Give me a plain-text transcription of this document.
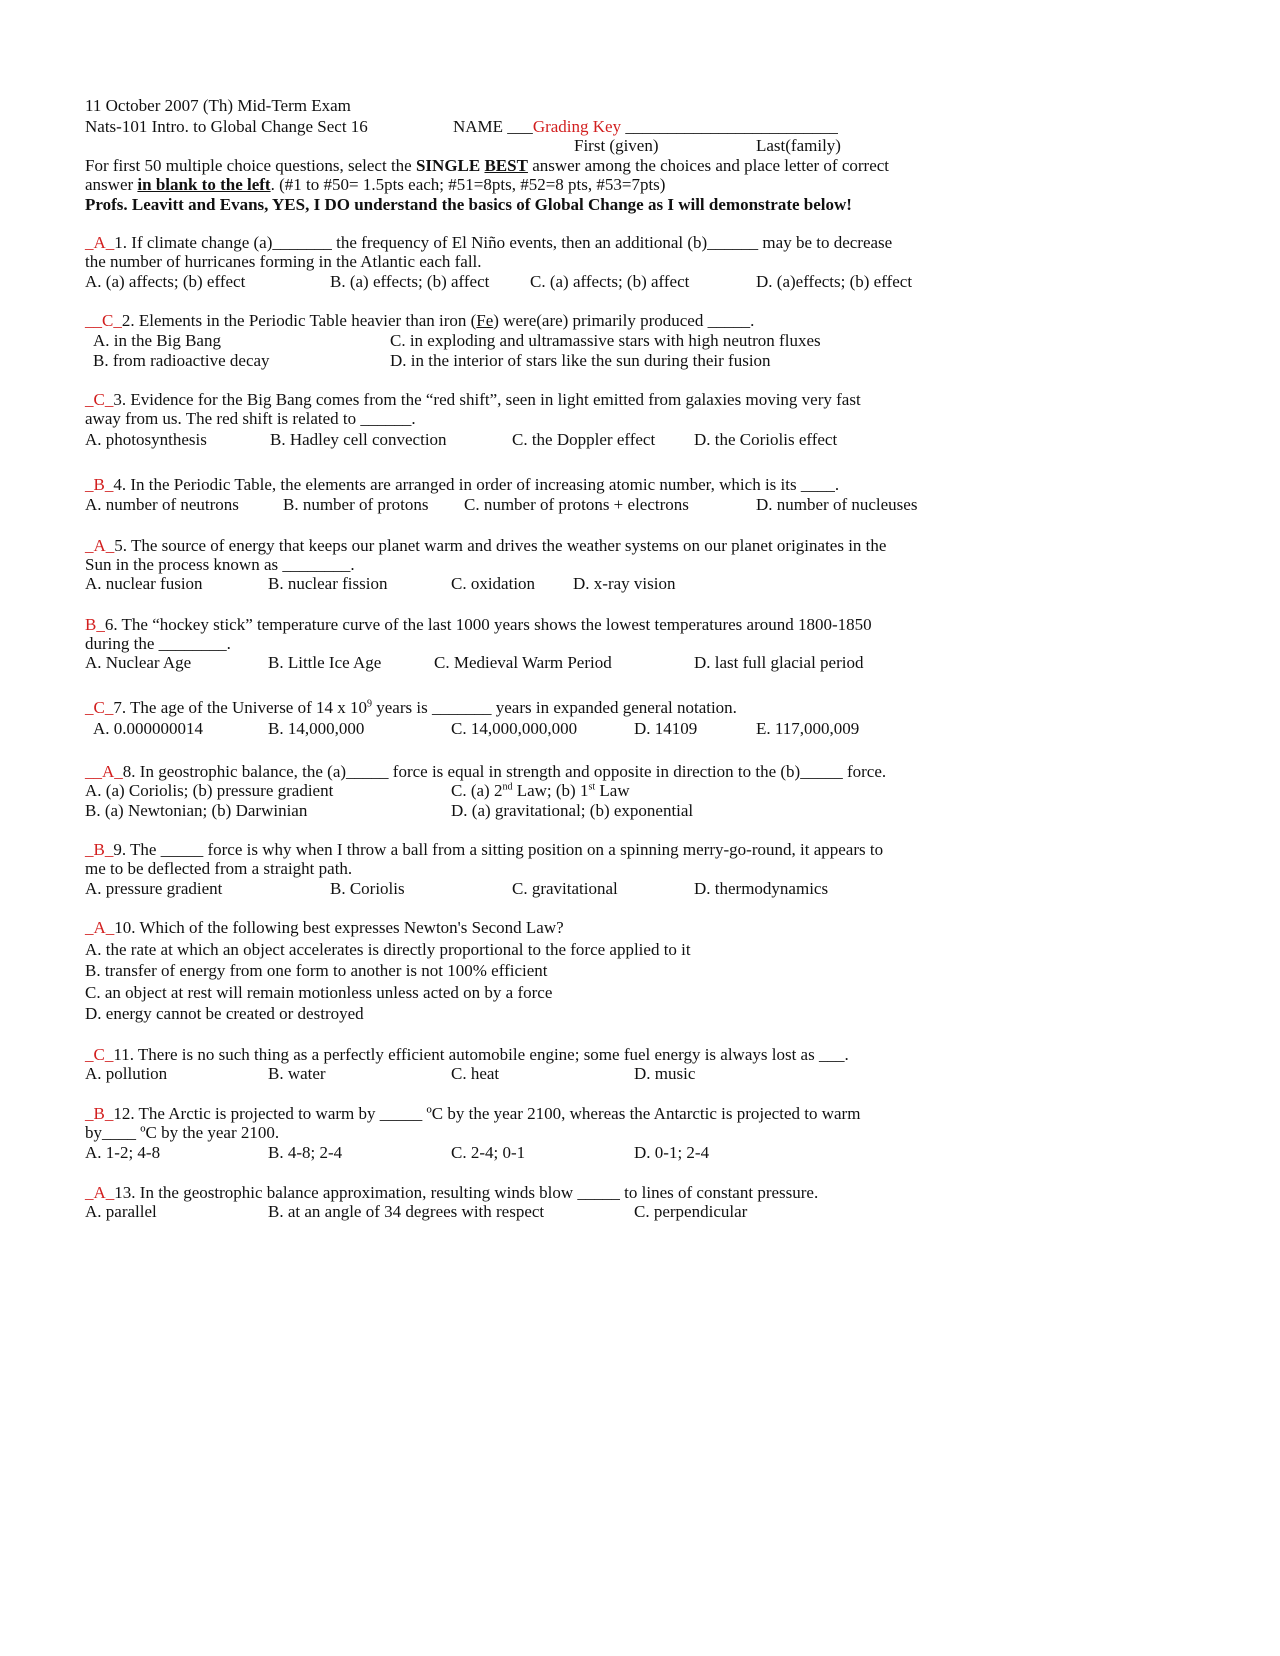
11 October 2007 (Th) Mid-Term Exam
Nats-101 Intro. to Global Change Sect 16	NAME ___Grading Key _________________________
First (given)	Last(family)
For first 50 multiple choice questions, select the SINGLE BEST answer among the choices and place letter of correct
answer in blank to the left. (#1 to #50= 1.5pts each; #51=8pts, #52=8 pts, #53=7pts)
Profs. Leavitt and Evans, YES, I DO understand the basics of Global Change as I will demonstrate below!
_A_1. If climate change (a)_______ the frequency of El Niño events, then an additional (b)______ may be to decrease
the number of hurricanes forming in the Atlantic each fall.
A. (a) affects; (b) effect	B. (a) effects; (b) affect C. (a) affects; (b) affect	D. (a)effects; (b) effect
__C_2. Elements in the Periodic Table heavier than iron (Fe) were(are) primarily produced _____.
A. in the Big Bang	C. in exploding and ultramassive stars with high neutron fluxes
B. from radioactive decay	D. in the interior of stars like the sun during their fusion
_C_3. Evidence for the Big Bang comes from the “red shift”, seen in light emitted from galaxies moving very fast
away from us. The red shift is related to ______.
A. photosynthesis	B. Hadley cell convection	C. the Doppler effect D. the Coriolis effect
_B_4. In the Periodic Table, the elements are arranged in order of increasing atomic number, which is its ____.
A. number of neutrons	B. number of protons C. number of protons + electrons	D. number of nucleuses
_A_5. The source of energy that keeps our planet warm and drives the weather systems on our planet originates in the
Sun in the process known as ________.
A. nuclear fusion	B. nuclear fission	C. oxidation D. x-ray vision
B_6. The “hockey stick” temperature curve of the last 1000 years shows the lowest temperatures around 1800-1850
during the ________.
A. Nuclear Age	B. Little Ice Age	C. Medieval Warm Period	D. last full glacial period
_C_7. The age of the Universe of 14 x $10^9$ years is _______ years in expanded general notation.
A. 0.000000014	B. 14,000,000	C. 14,000,000,000	D. 14109	E. 117,000,009
__A_8. In geostrophic balance, the (a)_____ force is equal in strength and opposite in direction to the (b)_____ force.
A. (a) Coriolis; (b) pressure gradient	C. (a) 2nd Law; (b) 1st Law
B. (a) Newtonian; (b) Darwinian	D. (a) gravitational; (b) exponential
_B_9. The _____ force is why when I throw a ball from a sitting position on a spinning merry-go-round, it appears to
me to be deflected from a straight path.
A. pressure gradient	B. Coriolis	C. gravitational	D. thermodynamics
_A_10. Which of the following best expresses Newton's Second Law?
A. the rate at which an object accelerates is directly proportional to the force applied to it
B. transfer of energy from one form to another is not 100% efficient
C. an object at rest will remain motionless unless acted on by a force
D. energy cannot be created or destroyed
_C_11. There is no such thing as a perfectly efficient automobile engine; some fuel energy is always lost as ___.
A. pollution	B. water	C. heat	D. music
_B_12. The Arctic is projected to warm by _____ ºC by the year 2100, whereas the Antarctic is projected to warm
by____ ºC by the year 2100.
A. 1-2; 4-8	B. 4-8; 2-4	C. 2-4; 0-1	D. 0-1; 2-4
_A_13. In the geostrophic balance approximation, resulting winds blow _____ to lines of constant pressure.
A. parallel	B. at an angle of 34 degrees with respect	C. perpendicular
